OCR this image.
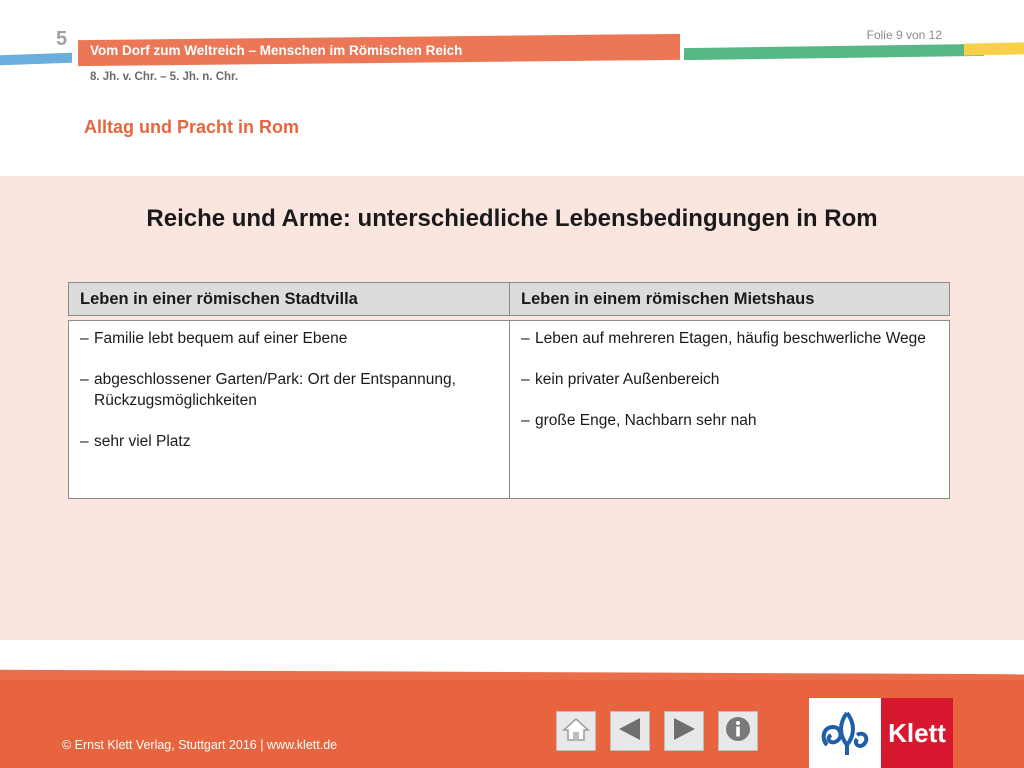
5
Vom Dorf zum Weltreich – Menschen im Römischen Reich
Folie 9 von 12
8. Jh. v. Chr. – 5. Jh. n. Chr.
Alltag und Pracht in Rom
Reiche und Arme: unterschiedliche Lebensbedingungen in Rom
Leben in einer römischen Stadtvilla	Leben in einem römischen Mietshaus
– Familie lebt bequem auf einer Ebene
– abgeschlossener Garten/Park: Ort der Entspannung, Rückzugsmöglichkeiten
– sehr viel Platz
– Leben auf mehreren Etagen, häufig beschwerliche Wege
– kein privater Außenbereich
– große Enge, Nachbarn sehr nah
© Ernst Klett Verlag, Stuttgart 2016 | www.klett.de	Klett
